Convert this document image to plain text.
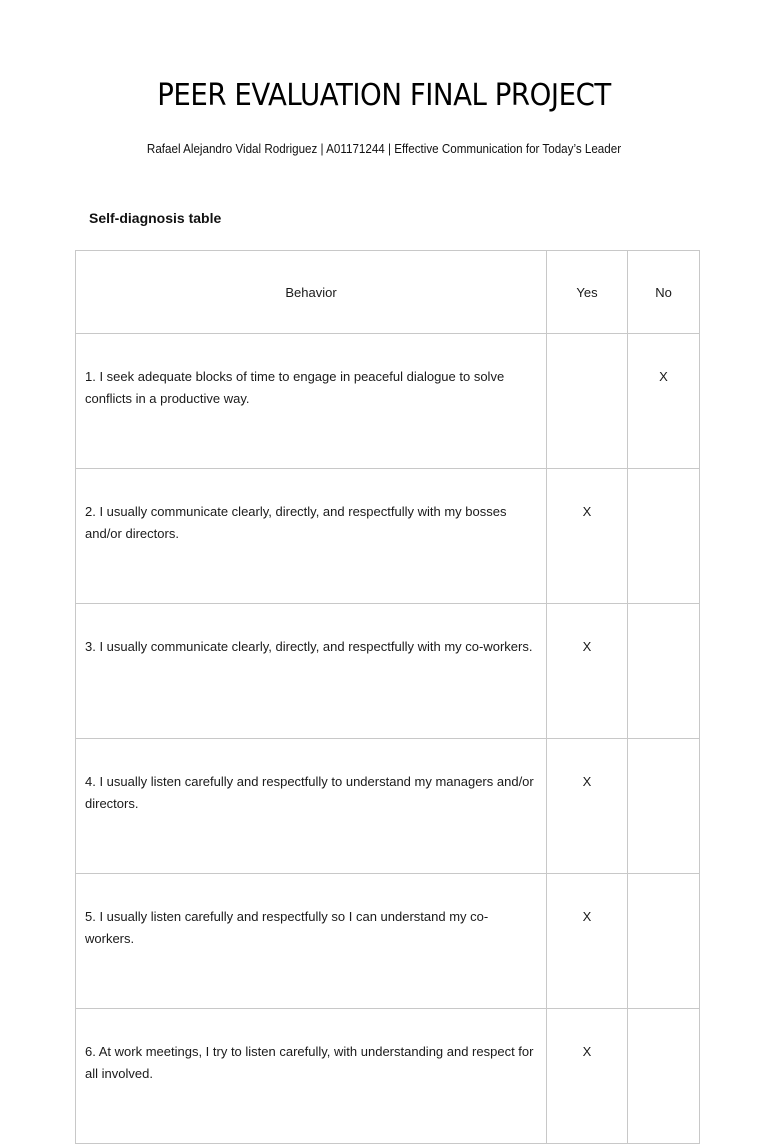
PEER EVALUATION FINAL PROJECT
Rafael Alejandro Vidal Rodriguez | A01171244 | Effective Communication for Today’s Leader
Self-diagnosis table
Behavior	Yes	No
1. I seek adequate blocks of time to engage in peaceful dialogue to solve conflicts in a productive way.		X
2. I usually communicate clearly, directly, and respectfully with my bosses and/or directors.	X	
3. I usually communicate clearly, directly, and respectfully with my co-workers.	X	
4. I usually listen carefully and respectfully to understand my managers and/or directors.	X	
5. I usually listen carefully and respectfully so I can understand my co-workers.	X	
6. At work meetings, I try to listen carefully, with understanding and respect for all involved.	X	
